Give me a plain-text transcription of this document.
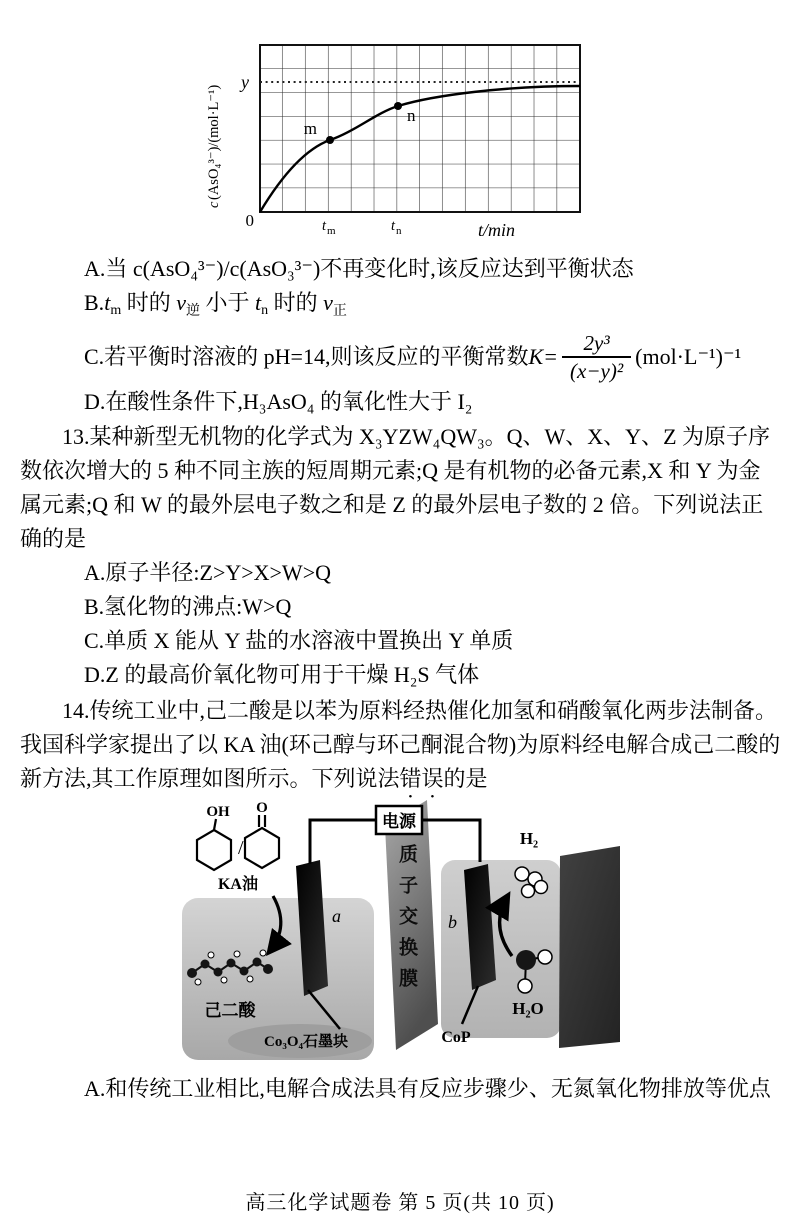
m
n
y
0	t m	t n	t/min
c
(AsO₄³⁻)/(mol·L⁻¹)

A.当 c(AsO₄³⁻)/c(AsO₃³⁻)不再变化时,该反应达到平衡状态

B.tm 时的 $v_逆$ 小于 tn 时的 $v_正$

C.若平衡时溶液的 pH=14,则该反应的平衡常数 $K= \frac{\text{2y³}}{\text{(x−y)²}} (mol\cdot L^{-1})^{-1}$

D.在酸性条件下,H₃AsO₄ 的氧化性大于 I₂

13.某种新型无机物的化学式为 X₃YZW₄QW₃。Q、W、X、Y、Z 为原子序数依次增大的 5 种不同主族的短周期元素;Q 是有机物的必备元素,X 和 Y 为金属元素;Q 和 W 的最外层电子数之和是 Z 的最外层电子数的 2 倍。下列说法正确的是

A.原子半径:Z>Y>X>W>Q

B.氢化物的沸点:W>Q

C.单质 X 能从 Y 盐的水溶液中置换出 Y 单质

D.Z 的最高价氧化物可用于干燥 H₂S 气体

14.传统工业中,己二酸是以苯为原料经热催化加氢和硝酸氧化两步法制备。我国科学家提出了以 KA 油(环己醇与环己酮混合物)为原料经电解合成己二酸的新方法,其工作原理如图所示。下列说法错误的是

电源
OH
/
O
KA油
己二酸
Co₃O₄石墨块
a
CoP
b
H₂
H₂O
质子交换膜

A.和传统工业相比,电解合成法具有反应步骤少、无氮氧化物排放等优点

高三化学试题卷 第 5 页(共 10 页)
